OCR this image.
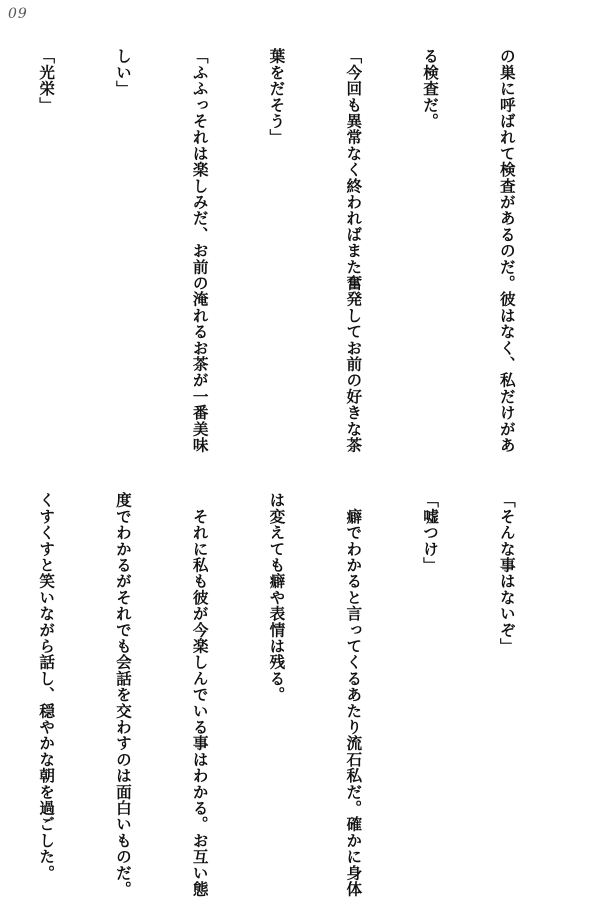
09

の巣に呼ばれて検査があるのだ。彼はなく、私だけがあ

る検査だ。

「今回も異常なく終わればまた奮発してお前の好きな茶

葉をだそう」

「ふふっそれは楽しみだ、お前の淹れるお茶が一番美味

しい」

「光栄」

「そんな事はないぞ」

「嘘つけ」

　癖でわかると言ってくるあたり流石私だ。確かに身体

は変えても癖や表情は残る。

　それに私も彼が今楽しんでいる事はわかる。お互い態

度でわかるがそれでも会話を交わすのは面白いものだ。

くすくすと笑いながら話し、穏やかな朝を過ごした。
